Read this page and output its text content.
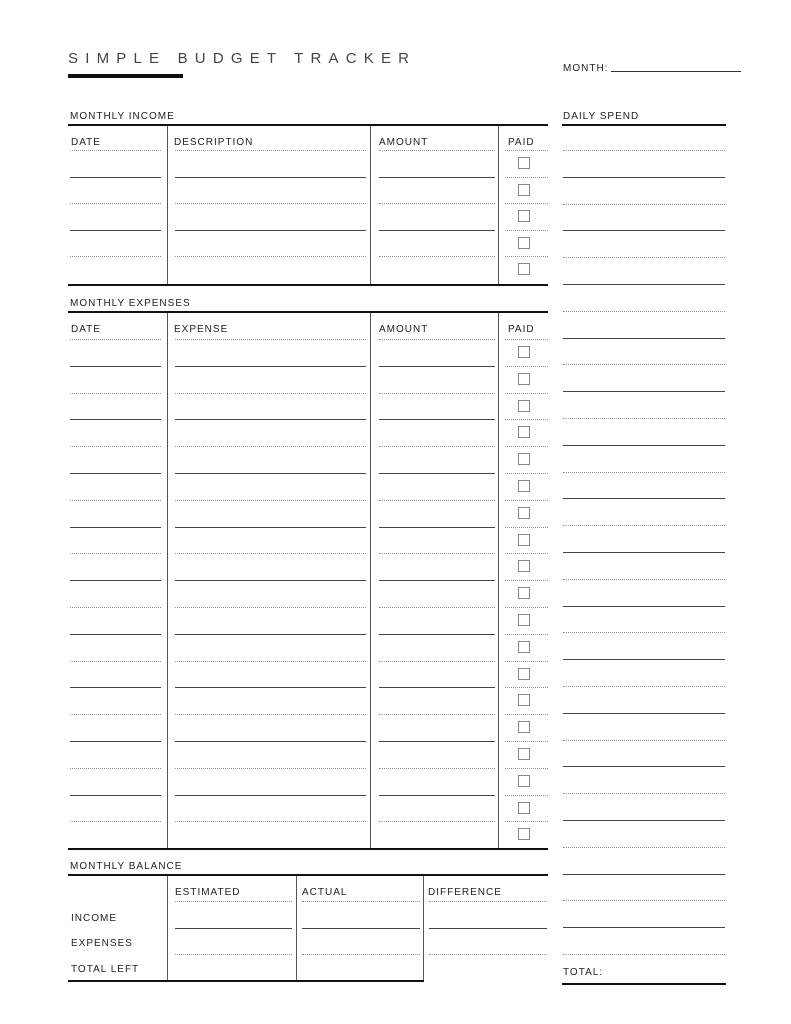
SIMPLE BUDGET TRACKER
MONTH:
MONTHLY INCOME
DATE	DESCRIPTION	AMOUNT	PAID
MONTHLY EXPENSES
DATE	EXPENSE	AMOUNT	PAID
MONTHLY BALANCE
ESTIMATED	ACTUAL	DIFFERENCE
INCOME
EXPENSES
TOTAL LEFT
DAILY SPEND
TOTAL:
